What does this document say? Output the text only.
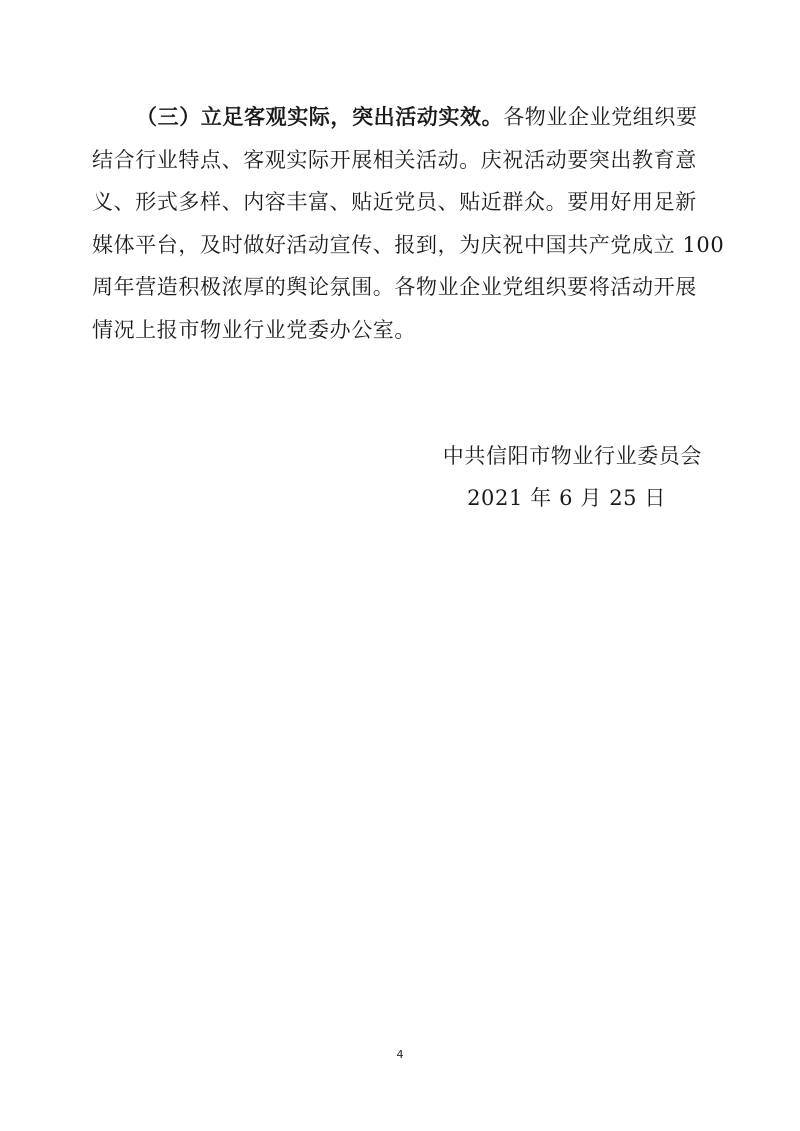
（三）立足客观实际，突出活动实效。各物业企业党组织要
结合行业特点、客观实际开展相关活动。庆祝活动要突出教育意
义、形式多样、内容丰富、贴近党员、贴近群众。要用好用足新
媒体平台，及时做好活动宣传、报到，为庆祝中国共产党成立 100
周年营造积极浓厚的舆论氛围。各物业企业党组织要将活动开展
情况上报市物业行业党委办公室。
中共信阳市物业行业委员会
2021 年 6 月 25 日
4
